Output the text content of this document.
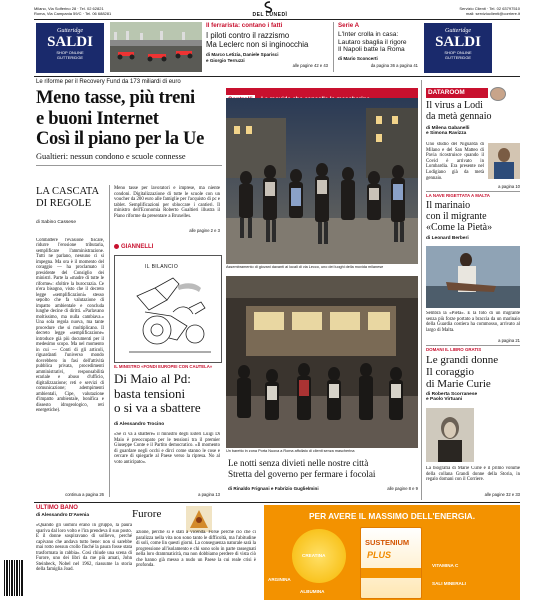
Milano, Via Solferino 28 · Tel. 02 62821
Roma, Via Campania 59/C · Tel. 06 688281
Servizio Clienti · Tel. 02 63797510
mail: servizioclienti@corriere.it
DEL LUNEDÌ
Gutteridge
SALDI
SHOP ONLINE
GUTTERIDGE
Il ferrarista: contano i fatti
I piloti contro il razzismo
Ma Leclerc non si inginocchia
di Marco Letizia, Daniele Sparisci
e Giorgio Terruzzi
alle pagine 42 e 43
Serie A
L'Inter crolla in casa:
Lautaro sbaglia il rigore
Il Napoli batte la Roma
di Mario Sconcerti
da pagina 36 a pagina 41
Gutteridge
SALDI
SHOP ONLINE
GUTTERIDGE
Le riforme per il Recovery Fund da 173 miliardi di euro
Meno tasse, più treni
e buoni Internet
Così il piano per la Ue
Gualtieri: nessun condono e scuole connesse
LA CASCATA
DI REGOLE
di Sabino Cassese
Combattere l'evasione fiscale, ridurre l'erosione tributaria, semplificare l'amministrazione. Tutti ne parlano, nessuno ci si impegna. Ma ora è il momento del coraggio — ha proclamato il presidente del Consiglio dei ministri. Parte la «madre di tutte le riforme»: sfoltire la burocrazia. Ce n'era bisogno, visto che il decreto legge «semplificazioni» stesso sepolto che fa valutazione di impatto ambientale e concluda lunghe decine di diritti. «Parlavano moltissimo, ma nulla cambiava.» Una sola regola nuova, ma tante procedure che si moltiplicano. Il decreto legge «semplificazione» introduce già più documenti per il medesimo scopo. Ma nel momento in cui — Conti di gli articoli, riguardanti l'universo mondo dovrebbero in fasi dell'attività pubblica privata, procedimenti amministrativi, responsabilità erariale e abuso d'ufficio, digitalizzazione; reti e servizi di comunicazione; adempimenti ambientali, Cipe, valutazione d'impatto ambientale, bonifica e dissesto idrogeologico, reti energetiche).
continua a pagina 26
Meno tasse per lavoratori e imprese, ma niente condoni. Digitalizzazione di tutte le scuole con un voucher da 200 euro alle famiglie per l'acquisto di pc e tablet. Semplificazioni per sbloccare i cantieri. Il ministro dell'Economia Roberto Gualtieri illustra il Piano riforme da presentare a Bruxelles.
alle pagine 2 e 3
GIANNELLI
IL BILANCIO
IL MINISTRO «FONDI EUROPEI CON CAUTELA»
Di Maio al Pd:
basta tensioni
o si va a sbattere
di Alessandro Trocino
«Se ci va a sbattere» il ministro degli Esteri Luigi Di Maio è preoccupato per le tensioni tra il premier Giuseppe Conte e il Partito democratico. «Il momento di guardare negli occhi e dirci come stanno le cose e cercare di spiegarle al Paese verso la ripresa. No al voto anticipato».
a pagina 13
Assembramento di giovani davanti ai locali di via Lecco, uno dei luoghi della movida milanese
Un baretto in zona Porta Nuova a Roma affollato di clienti senza mascherina
Le notti senza divieti nelle nostre città
Stretta del governo per fermare i focolai
di Rinaldo Frignani e Fabrizio Guglielmini	alle pagine 8 e 9
DATAROOM
Il virus a Lodi
da metà gennaio
di Milena Gabanelli
e Simona Ravizza
Uno studio del Niguarda di Milano e del San Matteo di Pavia ricostruisce quando il Covid è arrivato in Lombardia. Era presente nel Lodigiano già da metà gennaio.
a pagina 10
LA NAVE RIGETTATA A MALTA
Il marinaio
con il migrante
«Come la Pietà»
di Leonard Berberi
Sembra la «Pietà». E la foto di un migrante senza più forze portato a braccia da un marinaio della Guardia costiera ha commosso, arrivato al largo di Malta.
a pagina 21
DOMANI IL LIBRO GRATIS
Le grandi donne
Il coraggio
di Marie Curie
di Roberta Scorranese
e Paolo Virtuani
La biografia di Marie Curie è il primo volume della collana Grandi donne della Storia, in regalo domani con il Corriere.
alle pagine 32 e 33
ULTIMO BANO
di Alessandro D'Avenia	Furore
«Quando gli uomini erano in gruppo, la paura spariva dal loro volto e l'ira prendeva il suo posto. E il donne sospiravano di sollievo, perché capivano che andava tutto bene: non si sarebbe mai rotto nessun crollo finché la paura fosse stata trasformata in rabbia». Così chiude una scena di Furore, uno dei libri da me più amati, John Steinbeck, Nobel nel 1962, riassume la storia della famiglia Joad.
azione, perché sì è stati a vicenda. Forse perché ciò che ci paralizza nella vita non sono tanto le difficoltà, ma l'abitudine di soli, come lin questi giorni. La conseguenza naturale sarà la progressione all'isolamento e chi sono solo in parte rassegnati nella loro drammaticità, ma non dobbiamo perdere di vista ciò che hanno già messo a nudo un Paese la cui reale crisi è profonda.
PER AVERE IL MASSIMO DELL'ENERGIA.
CREATINA
ARGININA
ALBUMINA
SUSTENIUM
PLUS
VITAMINA C
SALI MINERALI
